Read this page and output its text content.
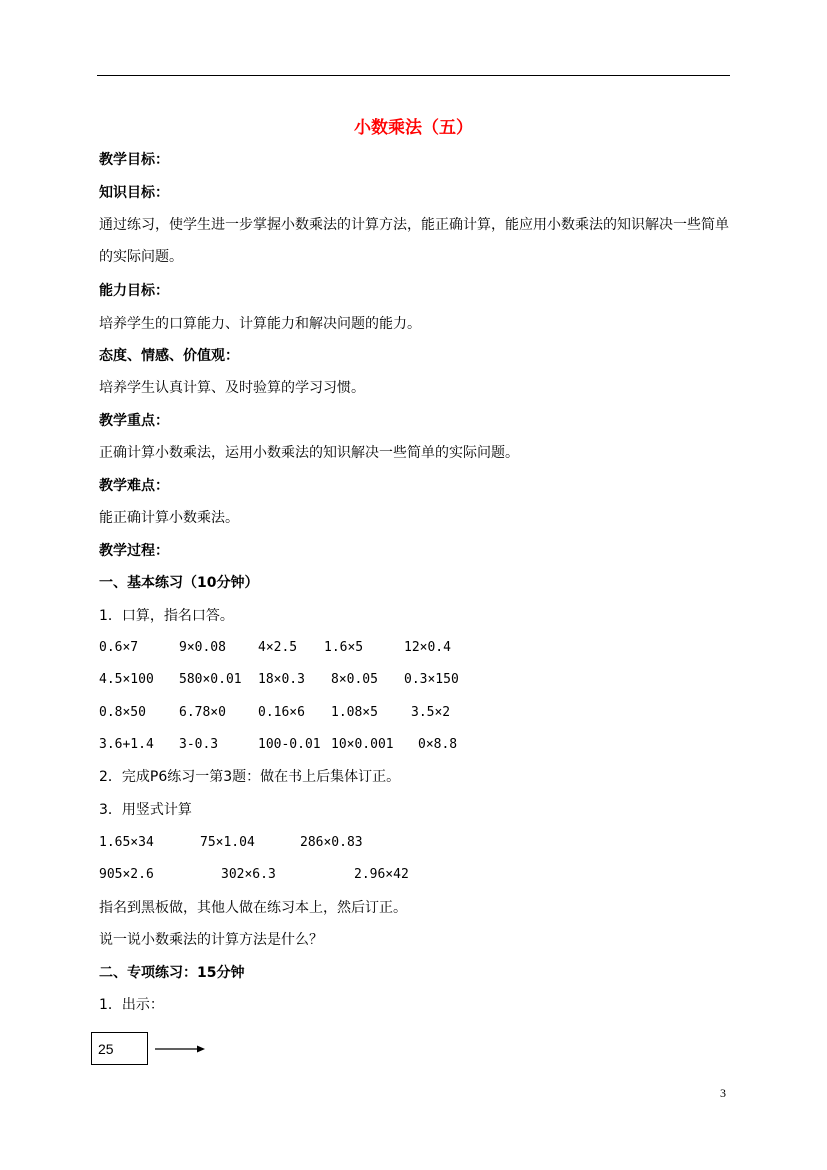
小数乘法（五）
教学目标：
知识目标：
通过练习，使学生进一步掌握小数乘法的计算方法，能正确计算，能应用小数乘法的知识解决一些简单的实际问题。
能力目标：
培养学生的口算能力、计算能力和解决问题的能力。
态度、情感、价值观：
培养学生认真计算、及时验算的学习习惯。
教学重点：
正确计算小数乘法，运用小数乘法的知识解决一些简单的实际问题。
教学难点：
能正确计算小数乘法。
教学过程：
一、基本练习（10分钟）
1．口算，指名口答。
0.6×7	9×0.08 4×2.5 1.6×5	12×0.4
4.5×100 580×0.01 18×0.3 8×0.05 0.3×150
0.8×50	6.78×0 0.16×6 1.08×5	3.5×2
3.6+1.4 3-0.3	100-0.01 10×0.001 0×8.8
2．完成P6练习一第3题：做在书上后集体订正。
3．用竖式计算
1.65×34	75×1.04	286×0.83
905×2.6	302×6.3	2.96×42
指名到黑板做，其他人做在练习本上，然后订正。
说一说小数乘法的计算方法是什么？
二、专项练习：15分钟
1．出示：
25
3
